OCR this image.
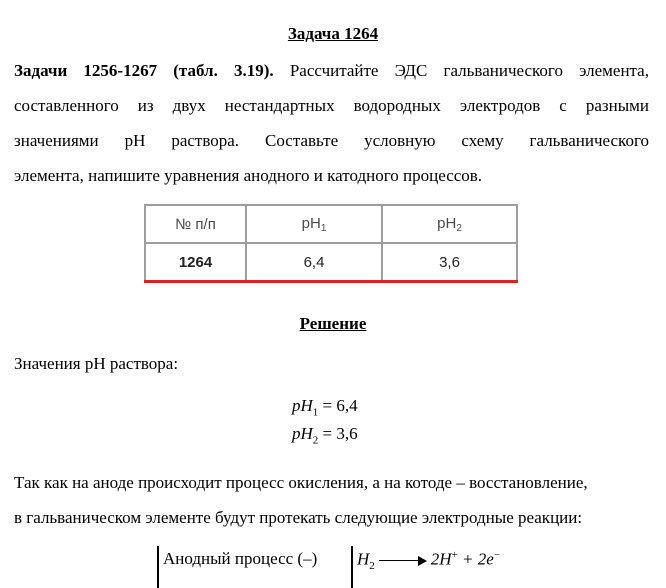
Задача 1264
Задачи 1256-1267 (табл. 3.19). Рассчитайте ЭДС гальванического элемента,
составленного из двух нестандартных водородных электродов с разными
значениями pH раствора. Составьте условную схему гальванического
элемента, напишите уравнения анодного и катодного процессов.
№ п/п	$pH_1$	$pH_2$
1264	6,4	3,6
Решение
Значения pH раствора:
$pH_1 = 6,4$
$pH_2 = 3,6$
Так как на аноде происходит процесс окисления, а на котоде – восстановление,
в гальваническом элементе будут протекать следующие электродные реакции:
Анодный процесс (–) $H_2$	2H+ + 2e−
